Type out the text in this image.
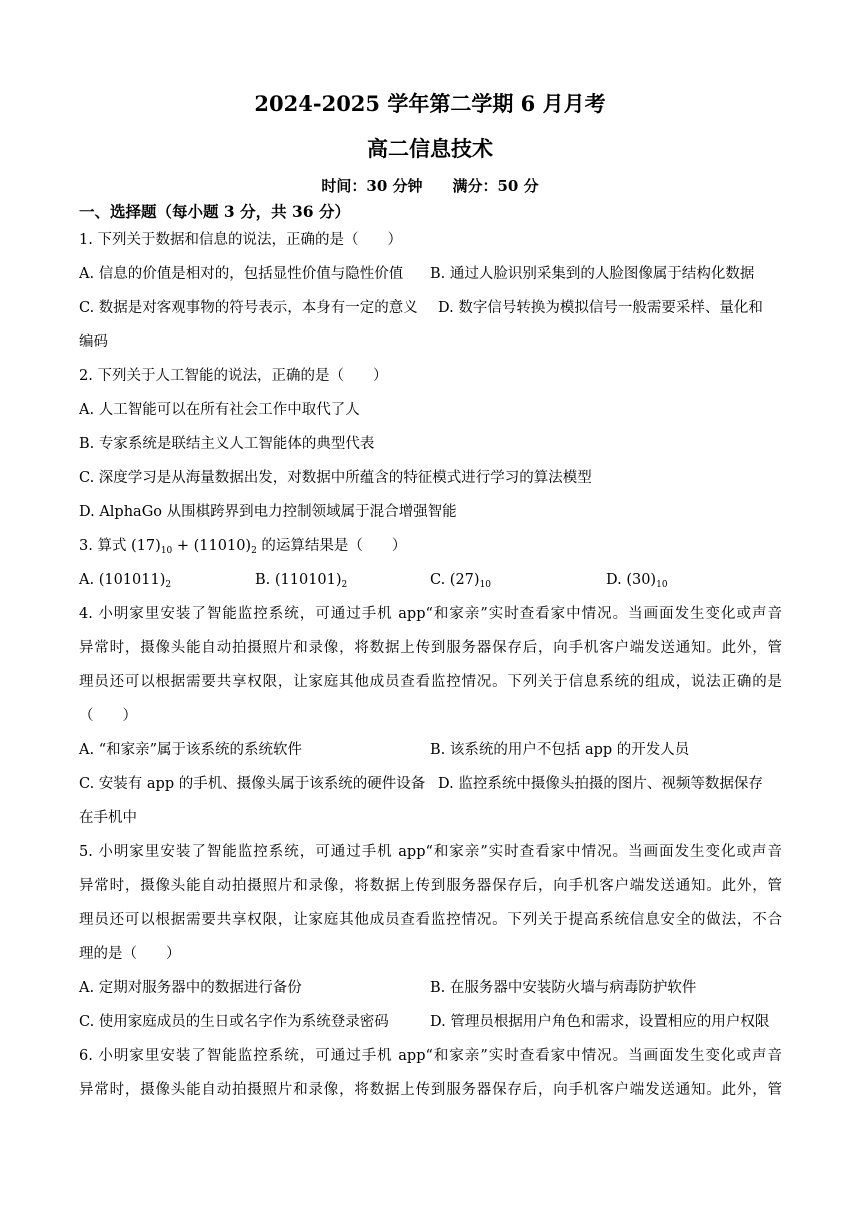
2024-2025 学年第二学期 6 月月考
高二信息技术
时间：30 分钟 满分：50 分
一、选择题（每小题 3 分，共 36 分）
1. 下列关于数据和信息的说法，正确的是（　　）
A. 信息的价值是相对的，包括显性价值与隐性价值 B. 通过人脸识别采集到的人脸图像属于结构化数据
C. 数据是对客观事物的符号表示，本身有一定的意义 D. 数字信号转换为模拟信号一般需要采样、量化和
编码
2. 下列关于人工智能的说法，正确的是（　　）
A. 人工智能可以在所有社会工作中取代了人
B. 专家系统是联结主义人工智能体的典型代表
C. 深度学习是从海量数据出发，对数据中所蕴含的特征模式进行学习的算法模型
D. AlphaGo 从围棋跨界到电力控制领域属于混合增强智能
3. 算式 $(17)_{10} + (11010)_2$ 的运算结果是（　　）
A. $(101011)_2$	B. $(110101)_2$	C. $(27)_{10}$	D. $(30)_{10}$
4. 小明家里安装了智能监控系统，可通过手机 app“和家亲”实时查看家中情况。当画面发生变化或声音
异常时，摄像头能自动拍摄照片和录像，将数据上传到服务器保存后，向手机客户端发送通知。此外，管
理员还可以根据需要共享权限，让家庭其他成员查看监控情况。下列关于信息系统的组成，说法正确的是
（　　）
A. “和家亲”属于该系统的系统软件	B. 该系统的用户不包括 app 的开发人员
C. 安装有 app 的手机、摄像头属于该系统的硬件设备 D. 监控系统中摄像头拍摄的图片、视频等数据保存
在手机中
5. 小明家里安装了智能监控系统，可通过手机 app“和家亲”实时查看家中情况。当画面发生变化或声音
异常时，摄像头能自动拍摄照片和录像，将数据上传到服务器保存后，向手机客户端发送通知。此外，管
理员还可以根据需要共享权限，让家庭其他成员查看监控情况。下列关于提高系统信息安全的做法，不合
理的是（　　）
A. 定期对服务器中的数据进行备份	B. 在服务器中安装防火墙与病毒防护软件
C. 使用家庭成员的生日或名字作为系统登录密码	D. 管理员根据用户角色和需求，设置相应的用户权限
6. 小明家里安装了智能监控系统，可通过手机 app“和家亲”实时查看家中情况。当画面发生变化或声音
异常时，摄像头能自动拍摄照片和录像，将数据上传到服务器保存后，向手机客户端发送通知。此外，管
